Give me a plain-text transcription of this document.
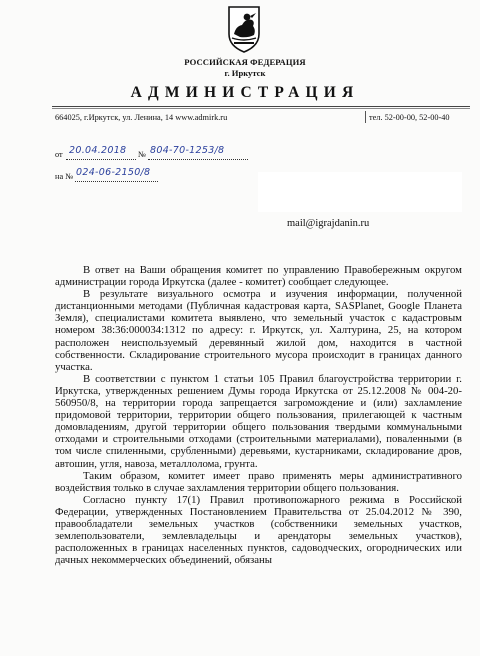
РОССИЙСКАЯ ФЕДЕРАЦИЯ
г. Иркутск
АДМИНИСТРАЦИЯ
664025, г.Иркутск, ул. Ленина, 14 www.admirk.ru	тел. 52-00-00, 52-00-40
от 20.04.2018 № 804-70-1253/8
на № 024-06-2150/8
mail@igrajdanin.ru

В ответ на Ваши обращения комитет по управлению Правобережным округом администрации города Иркутска (далее - комитет) сообщает следующее.

В результате визуального осмотра и изучения информации, полученной дистанционными методами (Публичная кадастровая карта, SASPlanet, Google Планета Земля), специалистами комитета выявлено, что земельный участок с кадастровым номером 38:36:000034:1312 по адресу: г. Иркутск, ул. Халтурина, 25, на котором расположен неиспользуемый деревянный жилой дом, находится в частной собственности. Складирование строительного мусора происходит в границах данного участка.

В соответствии с пунктом 1 статьи 105 Правил благоустройства территории г. Иркутска, утвержденных решением Думы города Иркутска от 25.12.2008 № 004-20-560950/8, на территории города запрещается загромождение и (или) захламление придомовой территории, территории общего пользования, прилегающей к частным домовладениям, другой территории общего пользования твердыми коммунальными отходами и строительными отходами (строительными материалами), поваленными (в том числе спиленными, срубленными) деревьями, кустарниками, складирование дров, автошин, угля, навоза, металлолома, грунта.

Таким образом, комитет имеет право применять меры административного воздействия только в случае захламления территории общего пользования.

Согласно пункту 17(1) Правил противопожарного режима в Российской Федерации, утвержденных Постановлением Правительства от 25.04.2012 № 390, правообладатели земельных участков (собственники земельных участков, землепользователи, землевладельцы и арендаторы земельных участков), расположенных в границах населенных пунктов, садоводческих, огороднических или дачных некоммерческих объединений, обязаны
